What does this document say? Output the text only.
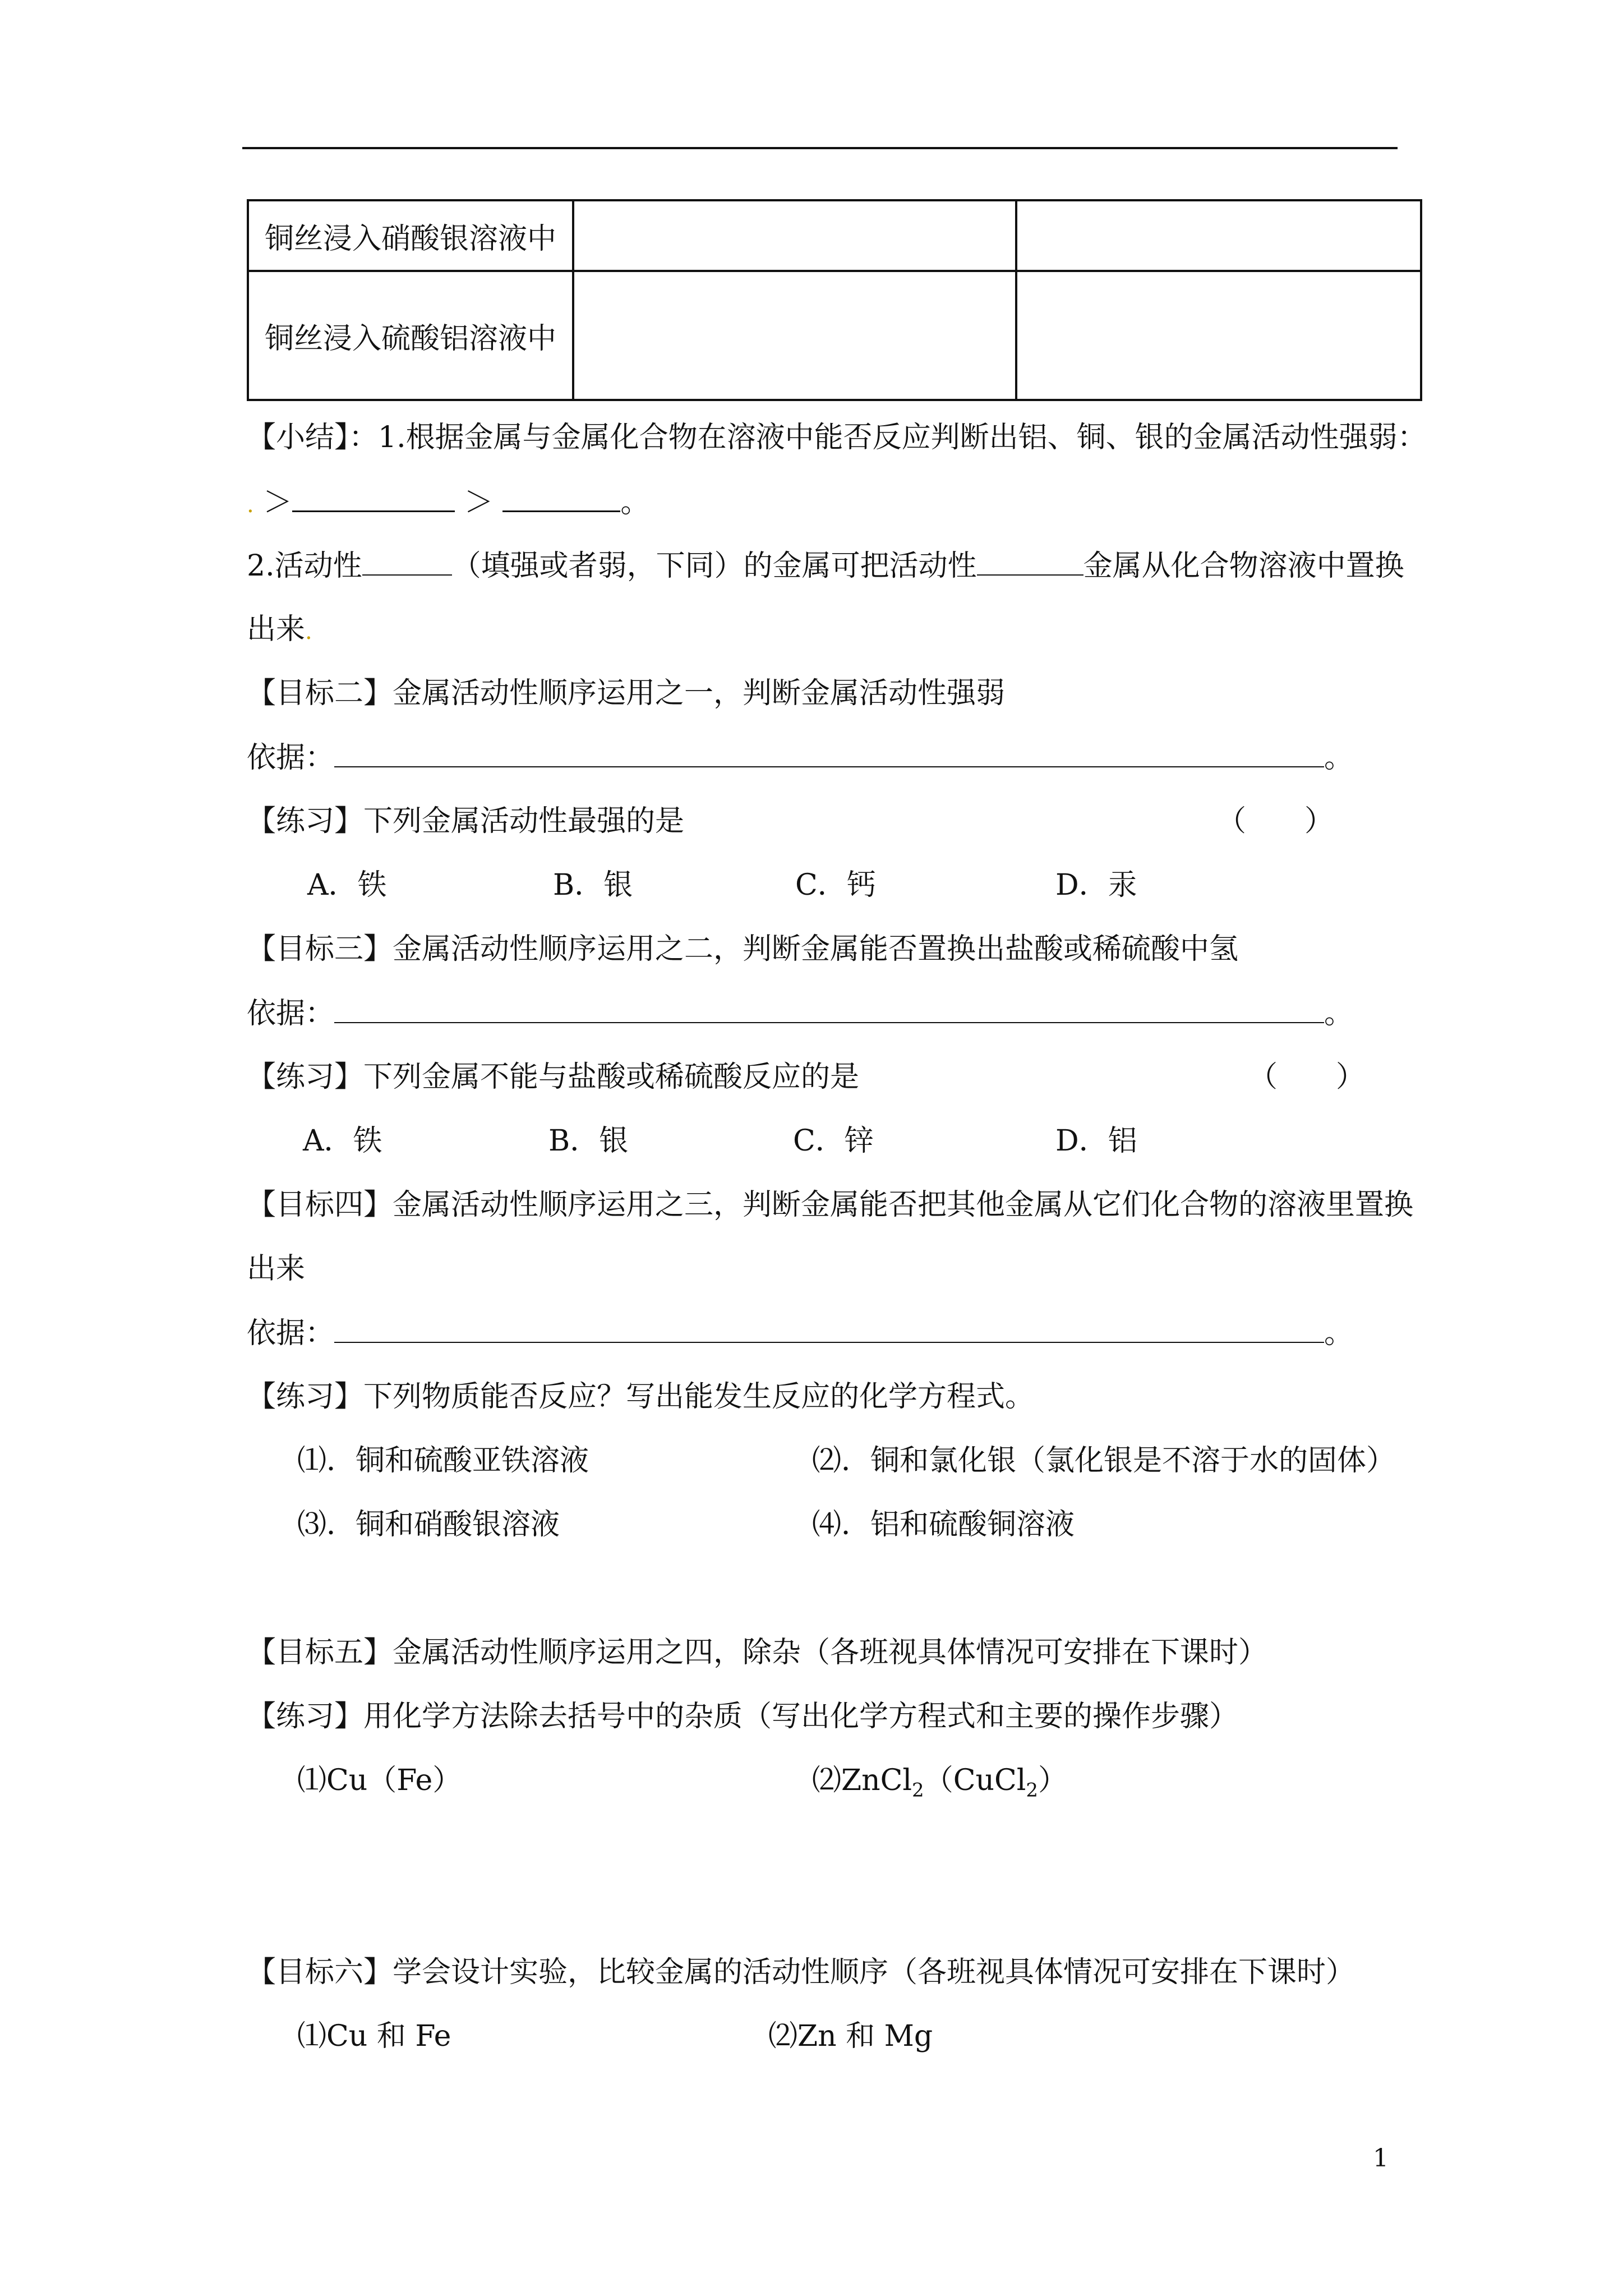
铜丝浸入硝酸银溶液中		
铜丝浸入硫酸铝溶液中		
【小结】：1.根据金属与金属化合物在溶液中能否反应判断出铝、铜、银的金属活动性强弱：
. ＞	＞	。
2.活动性	（填强或者弱，下同）的金属可把活动性	金属从化合物溶液中置换
出来.
【目标二】金属活动性顺序运用之一，判断金属活动性强弱
依据：	。
【练习】下列金属活动性最强的是	（　　）
A．铁	B．银	C．钙	D．汞
【目标三】金属活动性顺序运用之二，判断金属能否置换出盐酸或稀硫酸中氢
依据：	。
【练习】下列金属不能与盐酸或稀硫酸反应的是	（　　）
A．铁	B．银	C．锌	D．铝
【目标四】金属活动性顺序运用之三，判断金属能否把其他金属从它们化合物的溶液里置换
出来
依据：	。
【练习】下列物质能否反应？写出能发生反应的化学方程式。
⑴．铜和硫酸亚铁溶液	⑵．铜和氯化银（氯化银是不溶于水的固体）
⑶．铜和硝酸银溶液	⑷．铝和硫酸铜溶液
【目标五】金属活动性顺序运用之四，除杂（各班视具体情况可安排在下课时）
【练习】用化学方法除去括号中的杂质（写出化学方程式和主要的操作步骤）
⑴Cu（Fe）	⑵ZnCl$_2$（CuCl$_2$）
【目标六】学会设计实验，比较金属的活动性顺序（各班视具体情况可安排在下课时）
⑴Cu 和 Fe	⑵Zn 和 Mg
1
